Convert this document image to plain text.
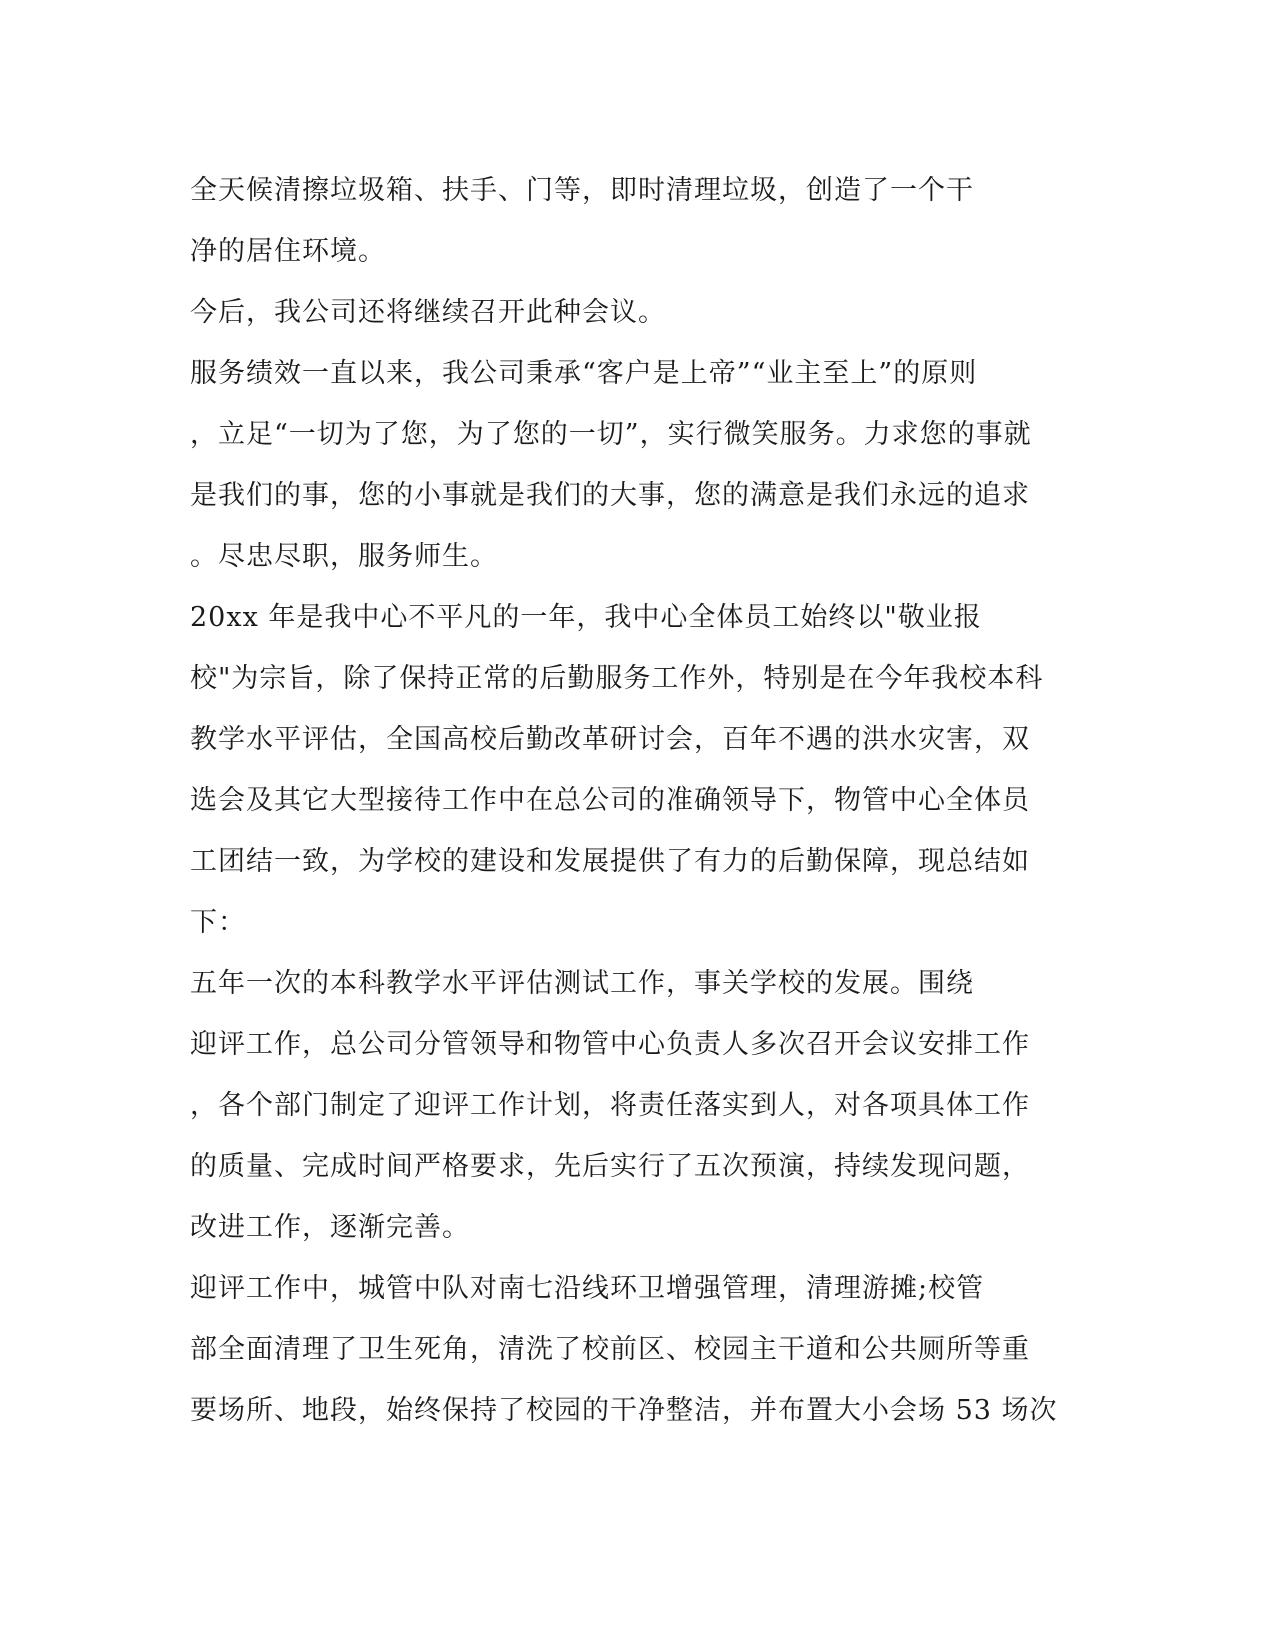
全天候清擦垃圾箱、扶手、门等，即时清理垃圾，创造了一个干
净的居住环境。

今后，我公司还将继续召开此种会议。

服务绩效一直以来，我公司秉承“客户是上帝”“业主至上”的原则
，立足“一切为了您，为了您的一切”，实行微笑服务。力求您的事就
是我们的事，您的小事就是我们的大事，您的满意是我们永远的追求
。尽忠尽职，服务师生。

20xx 年是我中心不平凡的一年，我中心全体员工始终以"敬业报
校"为宗旨，除了保持正常的后勤服务工作外，特别是在今年我校本科
教学水平评估，全国高校后勤改革研讨会，百年不遇的洪水灾害，双
选会及其它大型接待工作中在总公司的准确领导下，物管中心全体员
工团结一致，为学校的建设和发展提供了有力的后勤保障，现总结如
下：

五年一次的本科教学水平评估测试工作，事关学校的发展。围绕
迎评工作，总公司分管领导和物管中心负责人多次召开会议安排工作
，各个部门制定了迎评工作计划，将责任落实到人，对各项具体工作
的质量、完成时间严格要求，先后实行了五次预演，持续发现问题，
改进工作，逐渐完善。

迎评工作中，城管中队对南七沿线环卫增强管理，清理游摊;校管
部全面清理了卫生死角，清洗了校前区、校园主干道和公共厕所等重
要场所、地段，始终保持了校园的干净整洁，并布置大小会场 53 场次
